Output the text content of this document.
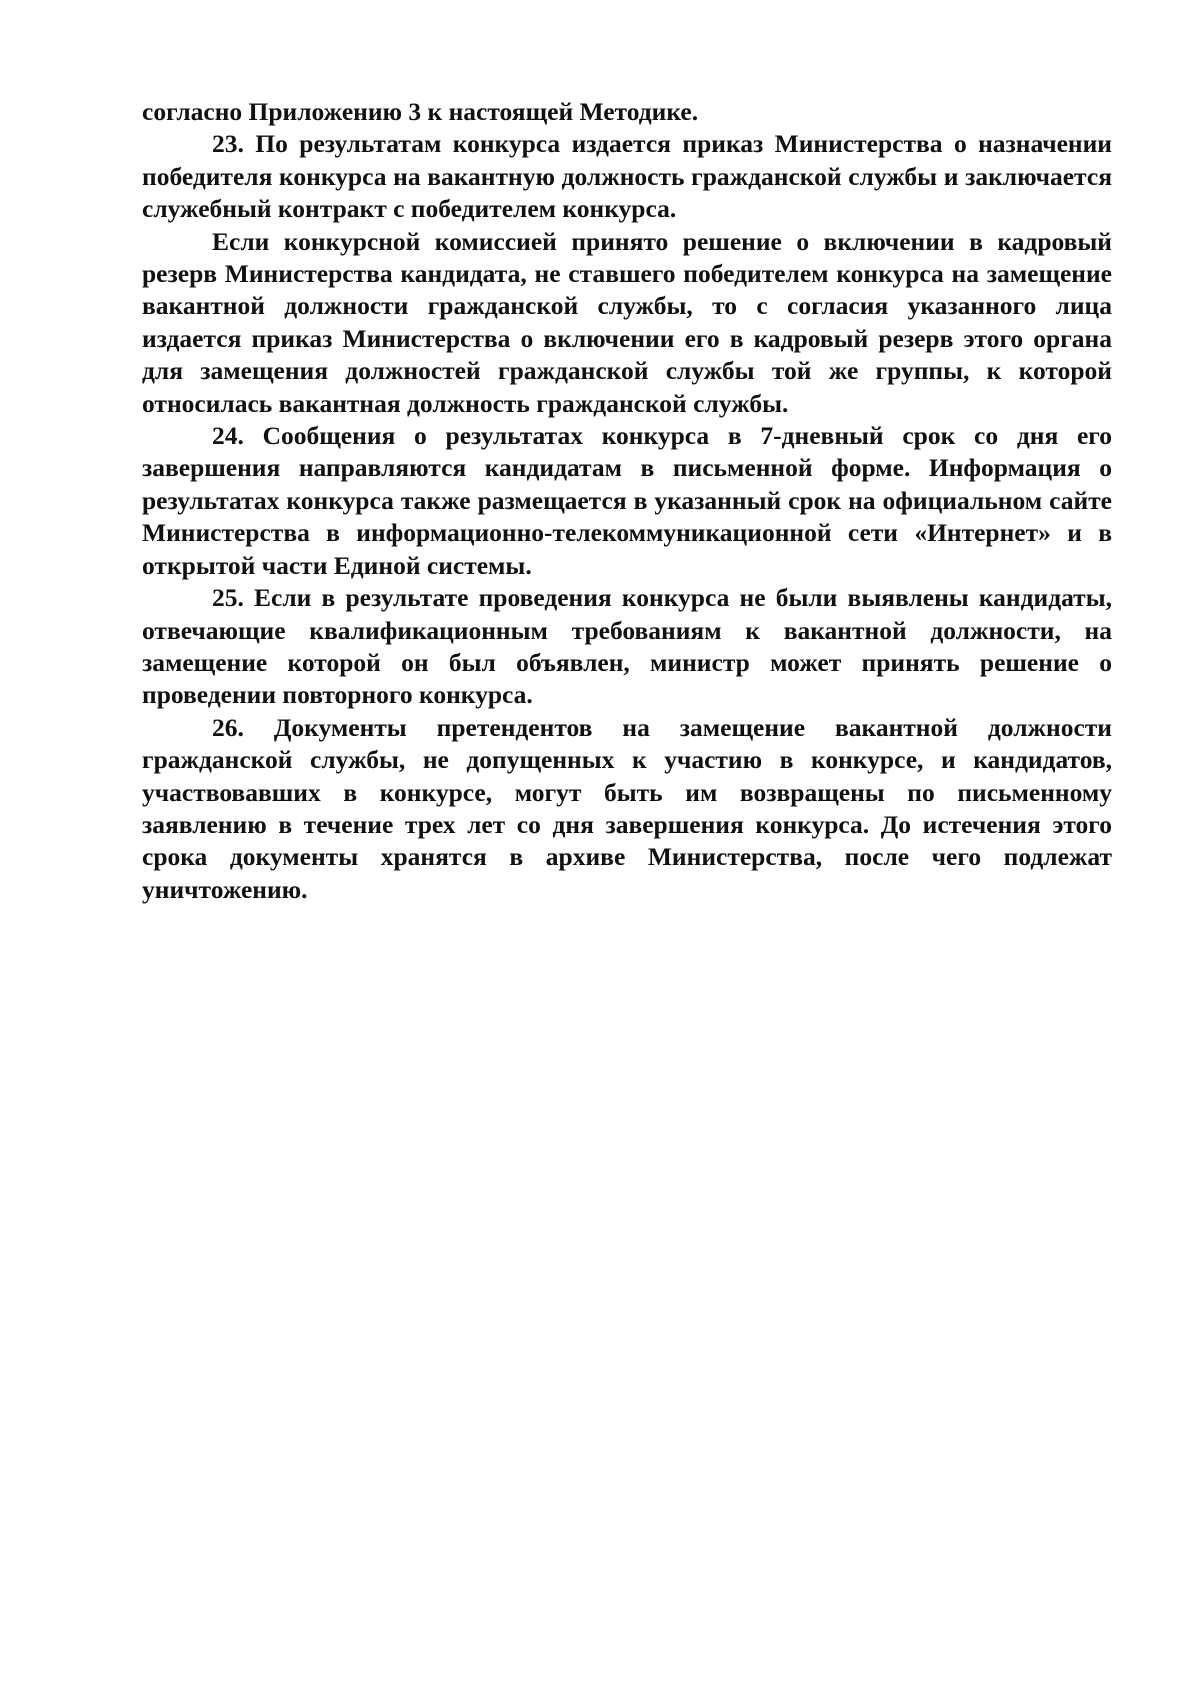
согласно Приложению 3 к настоящей Методике.

23. По результатам конкурса издается приказ Министерства о назначении победителя конкурса на вакантную должность гражданской службы и заключается служебный контракт с победителем конкурса.

Если конкурсной комиссией принято решение о включении в кадровый резерв Министерства кандидата, не ставшего победителем конкурса на замещение вакантной должности гражданской службы, то с согласия указанного лица издается приказ Министерства о включении его в кадровый резерв этого органа для замещения должностей гражданской службы той же группы, к которой относилась вакантная должность гражданской службы.

24. Сообщения о результатах конкурса в 7-дневный срок со дня его завершения направляются кандидатам в письменной форме. Информация о результатах конкурса также размещается в указанный срок на официальном сайте Министерства в информационно-телекоммуникационной сети «Интернет» и в открытой части Единой системы.

25. Если в результате проведения конкурса не были выявлены кандидаты, отвечающие квалификационным требованиям к вакантной должности, на замещение которой он был объявлен, министр может принять решение о проведении повторного конкурса.

26. Документы претендентов на замещение вакантной должности гражданской службы, не допущенных к участию в конкурсе, и кандидатов, участвовавших в конкурсе, могут быть им возвращены по письменному заявлению в течение трех лет со дня завершения конкурса. До истечения этого срока документы хранятся в архиве Министерства, после чего подлежат уничтожению.
